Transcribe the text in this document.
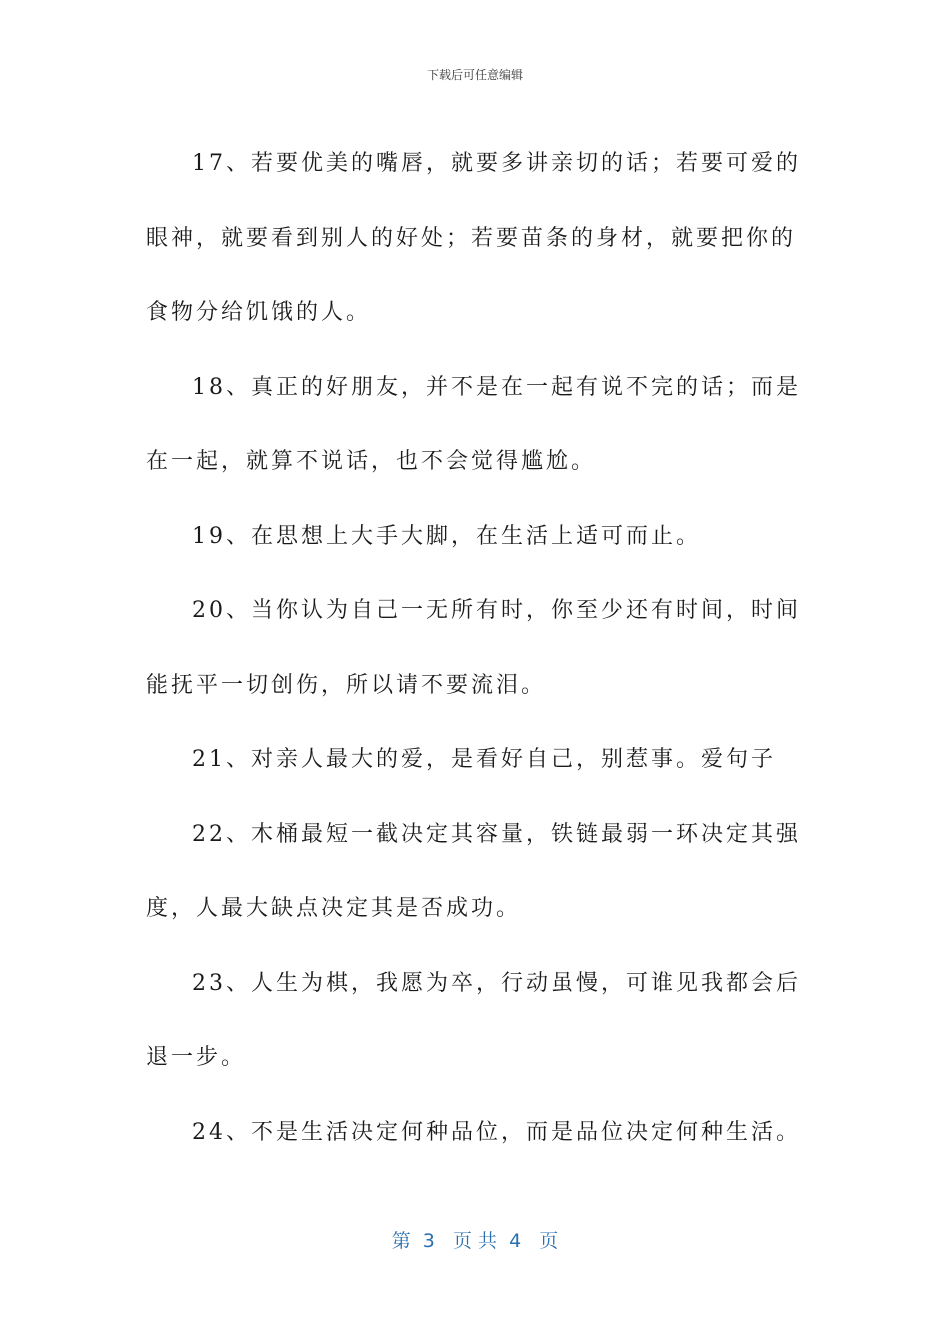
下载后可任意编辑

17、若要优美的嘴唇，就要多讲亲切的话；若要可爱的眼神，就要看到别人的好处；若要苗条的身材，就要把你的食物分给饥饿的人。

18、真正的好朋友，并不是在一起有说不完的话；而是在一起，就算不说话，也不会觉得尴尬。

19、在思想上大手大脚，在生活上适可而止。

20、当你认为自己一无所有时，你至少还有时间，时间能抚平一切创伤，所以请不要流泪。

21、对亲人最大的爱，是看好自己，别惹事。爱句子

22、木桶最短一截决定其容量，铁链最弱一环决定其强度，人最大缺点决定其是否成功。

23、人生为棋，我愿为卒，行动虽慢，可谁见我都会后退一步。

24、不是生活决定何种品位，而是品位决定何种生活。

第  3   页 共  4   页
